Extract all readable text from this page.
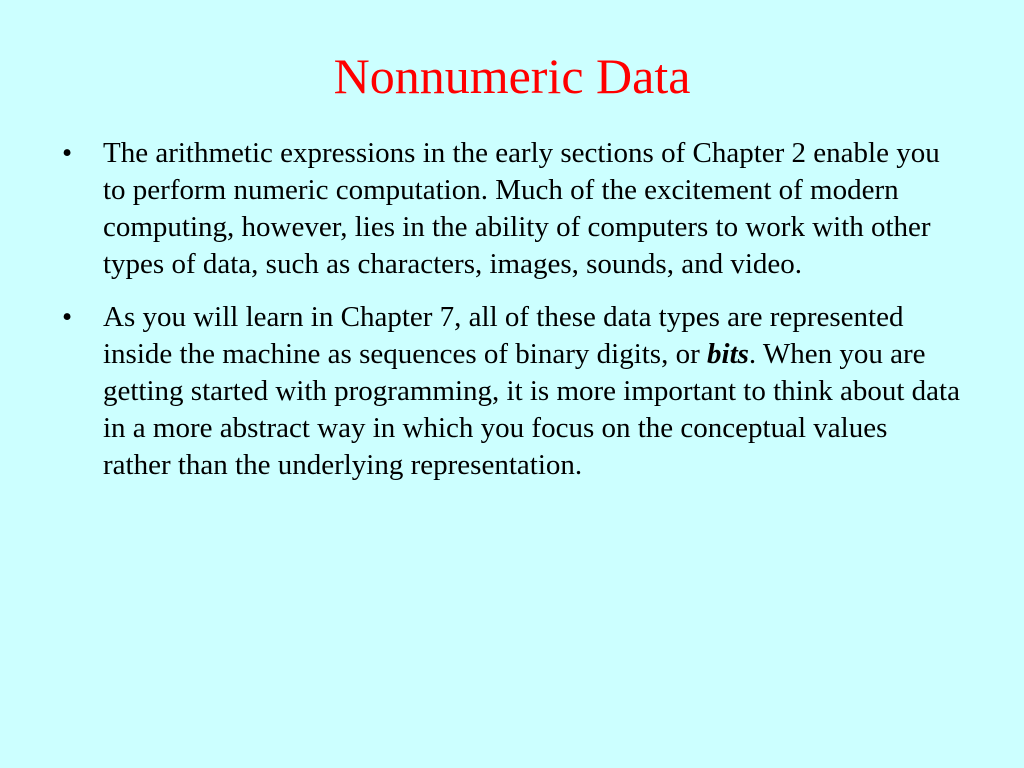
Nonnumeric Data
•	The arithmetic expressions in the early sections of Chapter 2 enable you to perform numeric computation. Much of the excitement of modern computing, however, lies in the ability of computers to work with other types of data, such as characters, images, sounds, and video.
•	As you will learn in Chapter 7, all of these data types are represented inside the machine as sequences of binary digits, or bits. When you are getting started with programming, it is more important to think about data in a more abstract way in which you focus on the conceptual values rather than the underlying representation.
